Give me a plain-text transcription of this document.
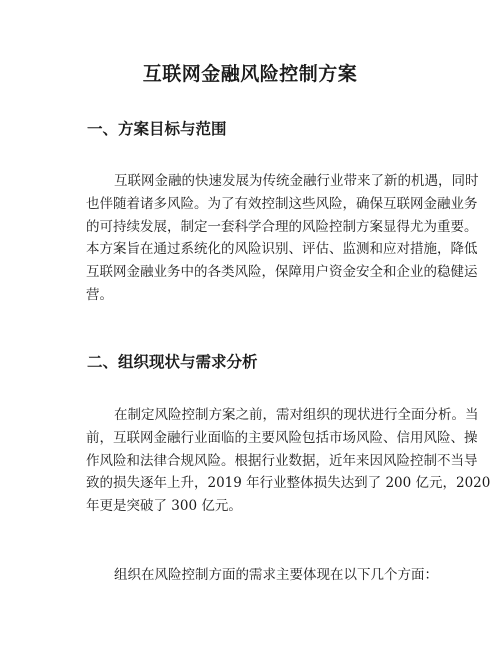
互联网金融风险控制方案
一、方案目标与范围
互联网金融的快速发展为传统金融行业带来了新的机遇，同时
也伴随着诸多风险。为了有效控制这些风险，确保互联网金融业务
的可持续发展，制定一套科学合理的风险控制方案显得尤为重要。
本方案旨在通过系统化的风险识别、评估、监测和应对措施，降低
互联网金融业务中的各类风险，保障用户资金安全和企业的稳健运
营。
二、组织现状与需求分析
在制定风险控制方案之前，需对组织的现状进行全面分析。当
前，互联网金融行业面临的主要风险包括市场风险、信用风险、操
作风险和法律合规风险。根据行业数据，近年来因风险控制不当导
致的损失逐年上升，2019 年行业整体损失达到了 200 亿元，2020
年更是突破了 300 亿元。
组织在风险控制方面的需求主要体现在以下几个方面：
